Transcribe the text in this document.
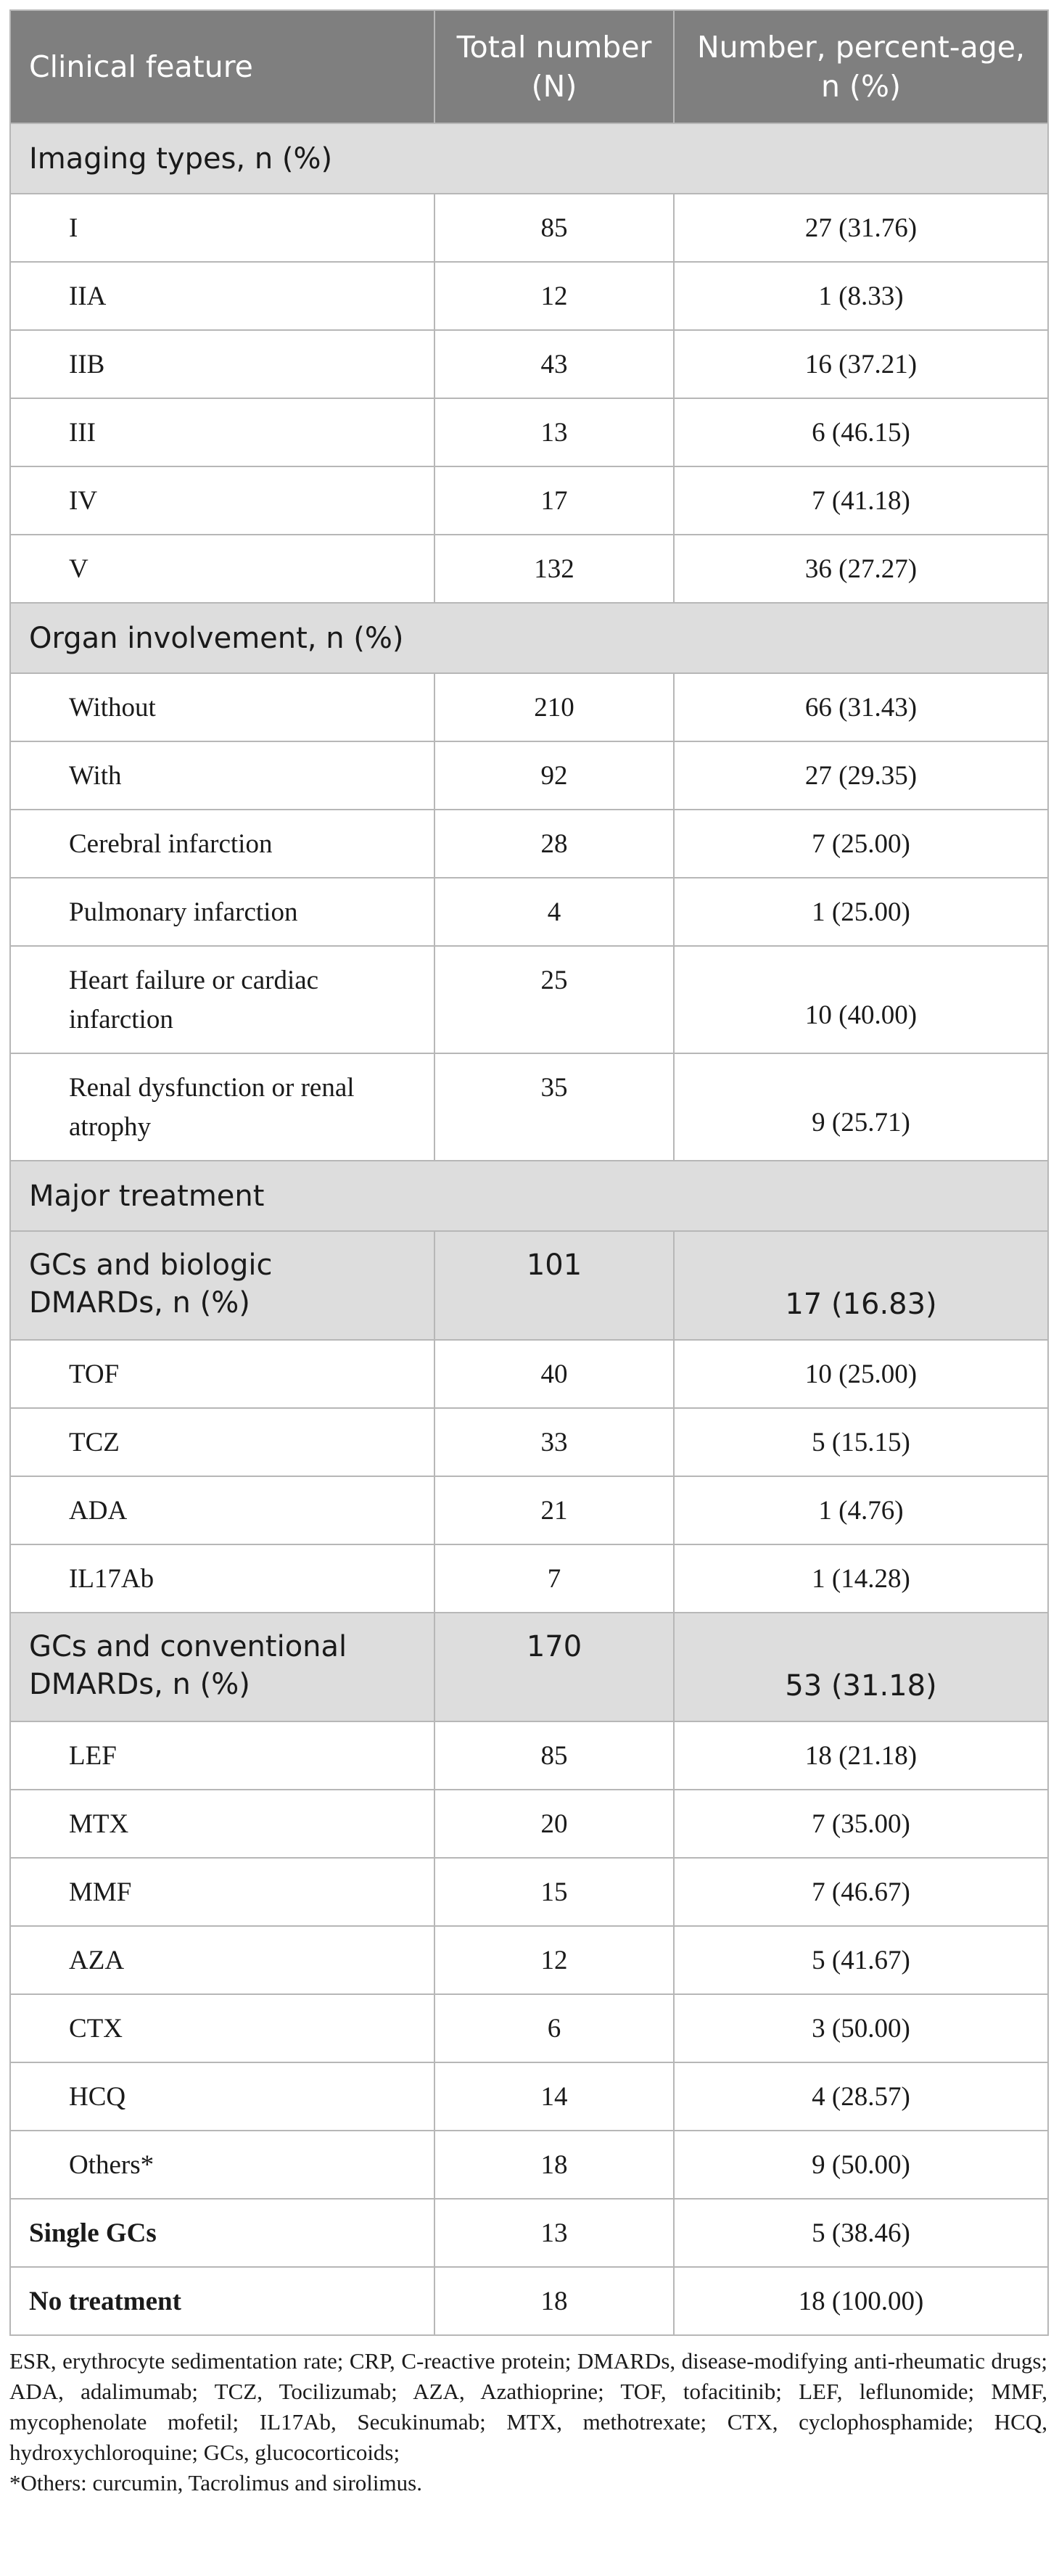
Clinical feature	Total number (N)	Number, percent-age, n (%)
Imaging types, n (%)		
I	85	27 (31.76)
IIA	12	1 (8.33)
IIB	43	16 (37.21)
III	13	6 (46.15)
IV	17	7 (41.18)
V	132	36 (27.27)
Organ involvement, n (%)		
Without	210	66 (31.43)
With	92	27 (29.35)
Cerebral infarction	28	7 (25.00)
Pulmonary infarction	4	1 (25.00)
Heart failure or cardiac infarction	25	10 (40.00)
Renal dysfunction or renal atrophy	35	9 (25.71)
Major treatment		
GCs and biologic DMARDs, n (%)	101	17 (16.83)
TOF	40	10 (25.00)
TCZ	33	5 (15.15)
ADA	21	1 (4.76)
IL17Ab	7	1 (14.28)
GCs and conventional DMARDs, n (%)	170	53 (31.18)
LEF	85	18 (21.18)
MTX	20	7 (35.00)
MMF	15	7 (46.67)
AZA	12	5 (41.67)
CTX	6	3 (50.00)
HCQ	14	4 (28.57)
Others*	18	9 (50.00)
Single GCs	13	5 (38.46)
No treatment	18	18 (100.00)

ESR, erythrocyte sedimentation rate; CRP, C-reactive protein; DMARDs, disease-modifying anti-rheumatic drugs; ADA, adalimumab; TCZ, Tocilizumab; AZA, Azathioprine; TOF, tofacitinib; LEF, leflunomide; MMF, mycophenolate mofetil; IL17Ab, Secukinumab; MTX, methotrexate; CTX, cyclophosphamide; HCQ, hydroxychloroquine; GCs, glucocorticoids;

*Others: curcumin, Tacrolimus and sirolimus.
